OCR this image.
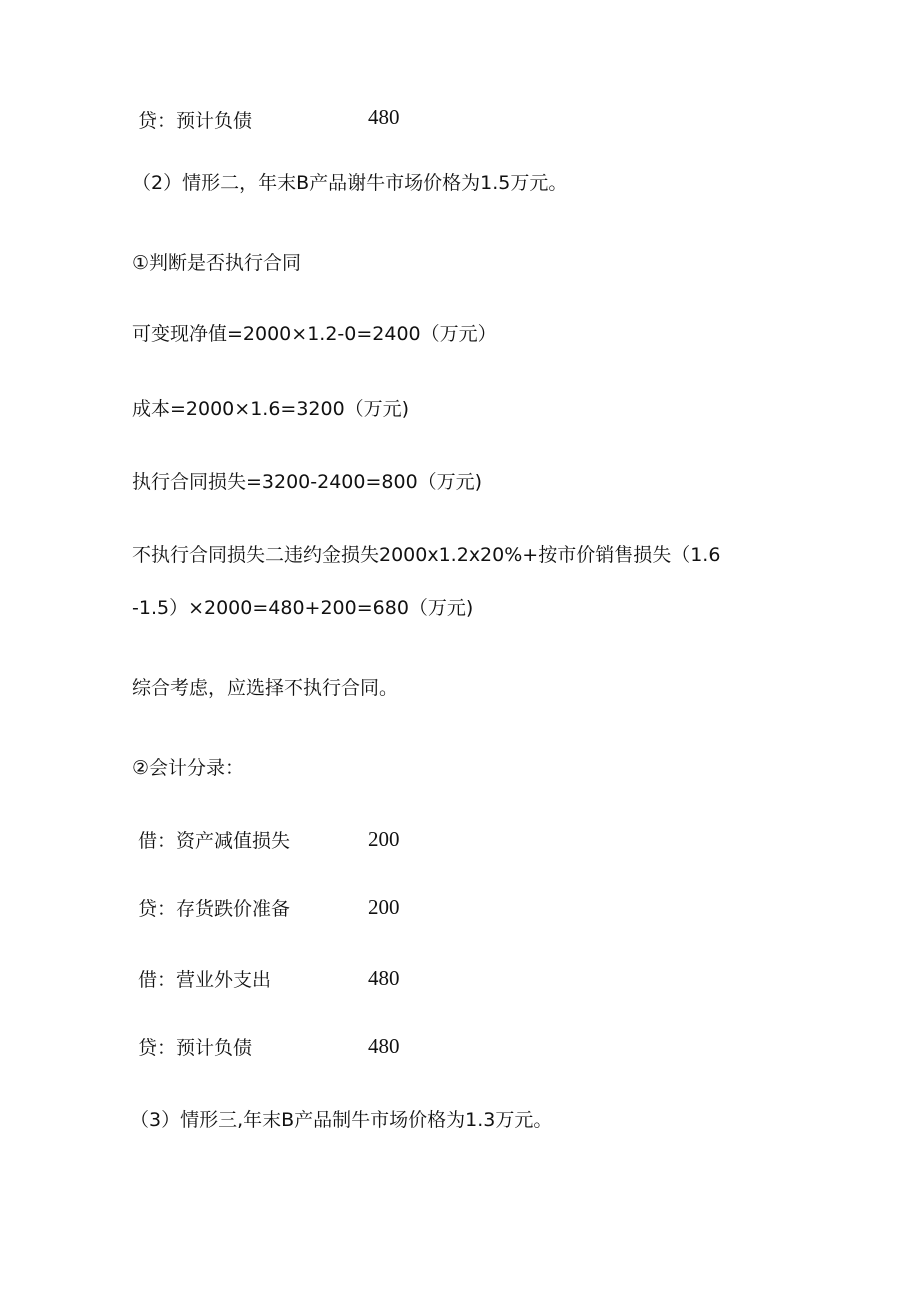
贷：预计负债	480
（2）情形二，年末B产品谢牛市场价格为1.5万元。
①判断是否执行合同
可变现净值=2000×1.2-0=2400（万元）
成本=2000×1.6=3200（万元)
执行合同损失=3200-2400=800（万元)
不执行合同损失二违约金损失2000x1.2x20%+按市价销售损失（1.6
-1.5）×2000=480+200=680（万元)
综合考虑，应选择不执行合同。
②会计分录：
借：资产减值损失	200
贷：存货跌价准备	200
借：营业外支出	480
贷：预计负债	480
（3）情形三,年末B产品制牛市场价格为1.3万元。
